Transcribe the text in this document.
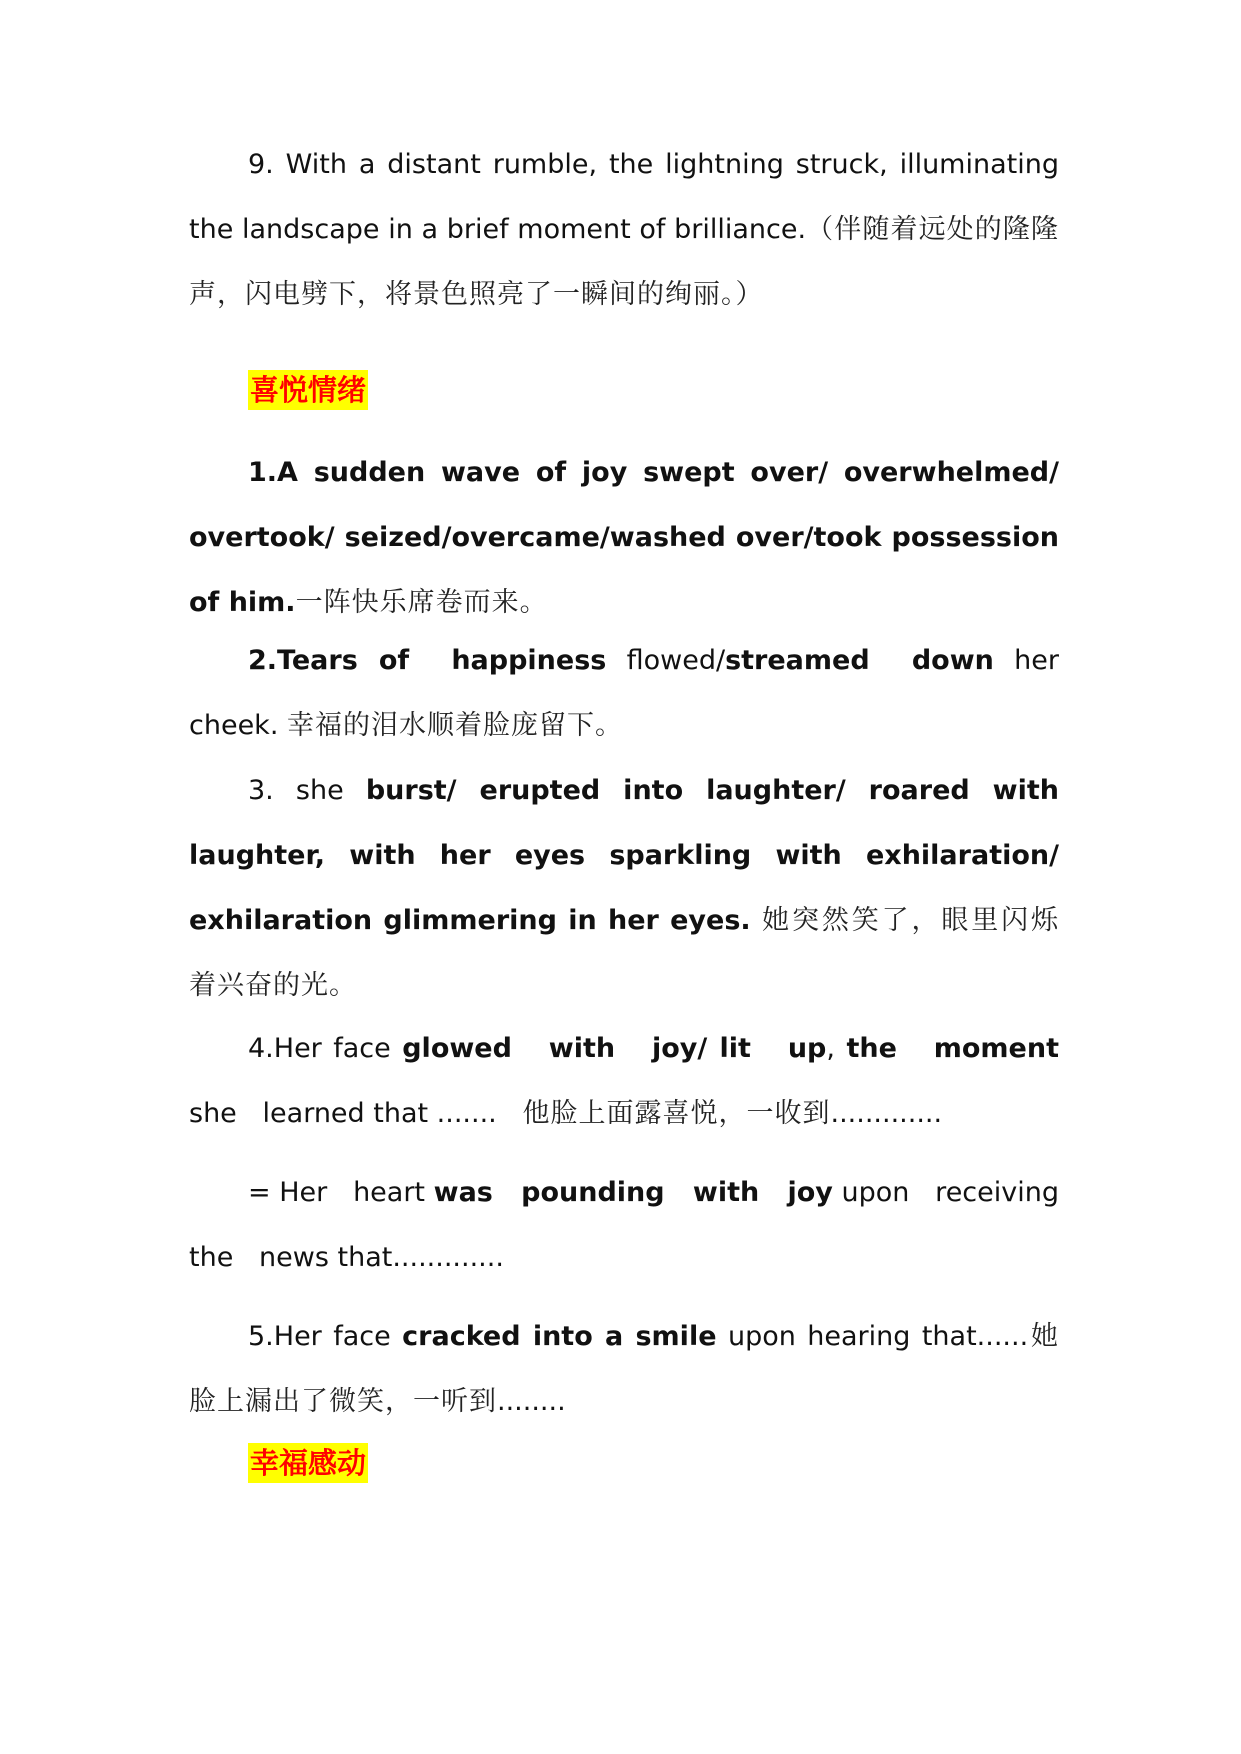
9. With a distant rumble, the lightning struck, illuminating the landscape in a brief moment of brilliance.（伴随着远处的隆隆声，闪电劈下，将景色照亮了一瞬间的绚丽。）

喜悦情绪

1.A sudden wave of joy swept over/ overwhelmed/ overtook/ seized/overcame/washed over/took possession of him.一阵快乐席卷而来。

2.Tears of  happiness flowed/streamed  down her cheek. 幸福的泪水顺着脸庞留下。

3. she burst/ erupted into laughter/ roared with laughter, with her eyes sparkling with exhilaration/ exhilaration glimmering in her eyes. 她突然笑了，眼里闪烁着兴奋的光。

4.Her face glowed   with   joy/ lit   up, the   moment she   learned that .......   他脸上面露喜悦，一收到.............

= Her   heart was   pounding   with   joy upon   receiving   the   news that.............

5.Her face cracked into a smile upon hearing that......她脸上漏出了微笑，一听到........

幸福感动
